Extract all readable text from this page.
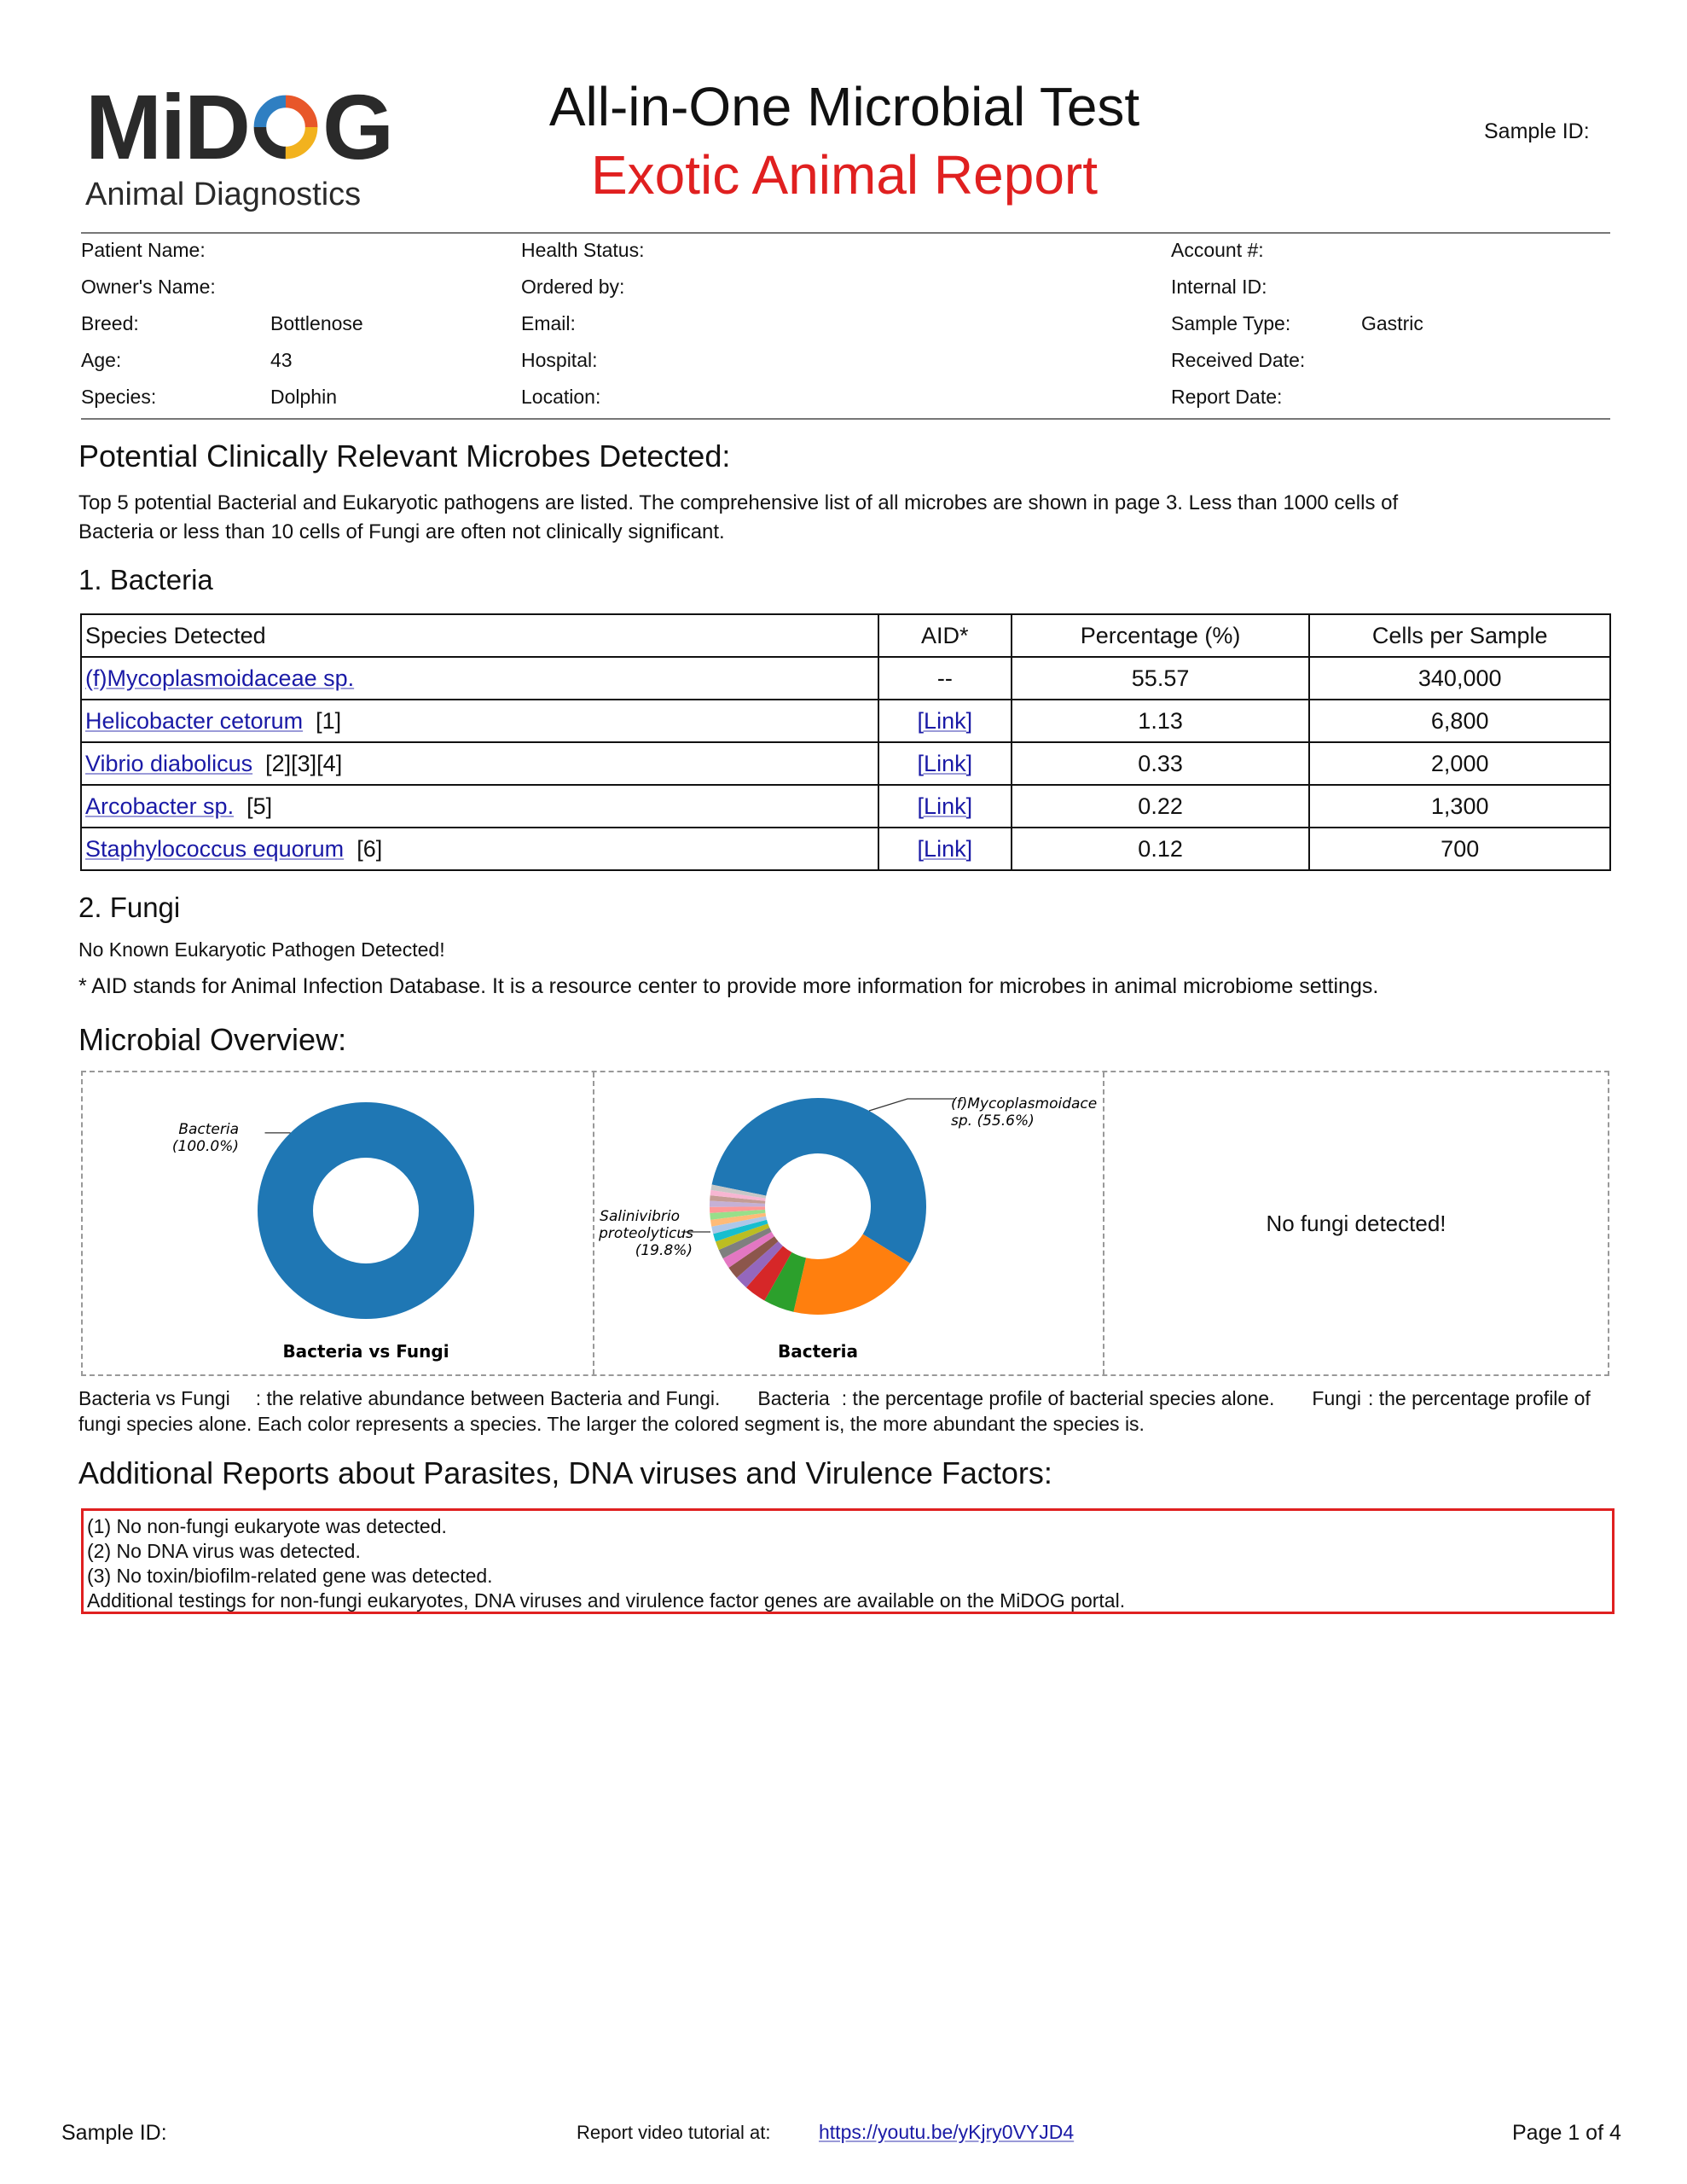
MiD G
Animal Diagnostics
All-in-One Microbial Test
Exotic Animal Report
Sample ID:
Patient Name:
Owner's Name:
Breed:	Bottlenose
Age:	43
Species:	Dolphin
Health Status:
Ordered by:
Email:
Hospital:
Location:
Account #:
Internal ID:
Sample Type:	Gastric
Received Date:
Report Date:
Potential Clinically Relevant Microbes Detected:
Top 5 potential Bacterial and Eukaryotic pathogens are listed. The comprehensive list of all microbes are shown in page 3. Less than 1000 cells of
Bacteria or less than 10 cells of Fungi are often not clinically significant.
1. Bacteria
Species Detected	AID*	Percentage (%)	Cells per Sample
(f)Mycoplasmoidaceae sp.	--	55.57	340,000
Helicobacter cetorum [1]	[Link]	1.13	6,800
Vibrio diabolicus [2][3][4]	[Link]	0.33	2,000
Arcobacter sp. [5]	[Link]	0.22	1,300
Staphylococcus equorum [6]	[Link]	0.12	700
2. Fungi
No Known Eukaryotic Pathogen Detected!
* AID stands for Animal Infection Database. It is a resource center to provide more information for microbes in animal microbiome settings.
Microbial Overview:
Bacteria
(100.0%)
Bacteria vs Fungi
(f)Mycoplasmoidace
sp. (55.6%)
Salinivibrio
proteolyticus
(19.8%)
Bacteria
No fungi detected!
Bacteria vs Fungi : the relative abundance between Bacteria and Fungi. Bacteria : the percentage profile of bacterial species alone. Fungi : the percentage profile of
fungi species alone. Each color represents a species. The larger the colored segment is, the more abundant the species is.
Additional Reports about Parasites, DNA viruses and Virulence Factors:
(1) No non-fungi eukaryote was detected.
(2) No DNA virus was detected.
(3) No toxin/biofilm-related gene was detected.
Additional testings for non-fungi eukaryotes, DNA viruses and virulence factor genes are available on the MiDOG portal.
Sample ID:	Report video tutorial at: https://youtu.be/yKjry0VYJD4	Page 1 of 4
